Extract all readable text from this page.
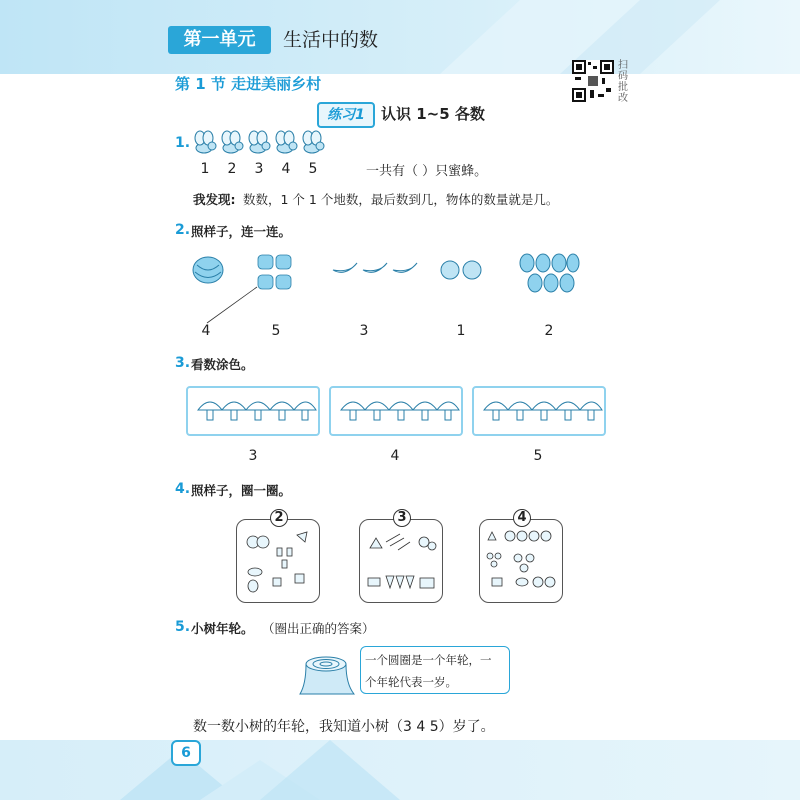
第一单元	生活中的数
扫码批改
第 1 节 走进美丽乡村
练习1	认识 1~5 各数
1.
1	2	3	4	5	一共有（ ）只蜜蜂。
我发现: 数数，1 个 1 个地数，最后数到几，物体的数量就是几。
2. 照样子，连一连。
4	5	3	1	2
3. 看数涂色。
3	4	5
4. 照样子，圈一圈。
2	3	4
5. 小树年轮。 （圈出正确的答案）
一个圆圈是一个年轮，一
个年轮代表一岁。
数一数小树的年轮，我知道小树（3 4 5）岁了。
6
